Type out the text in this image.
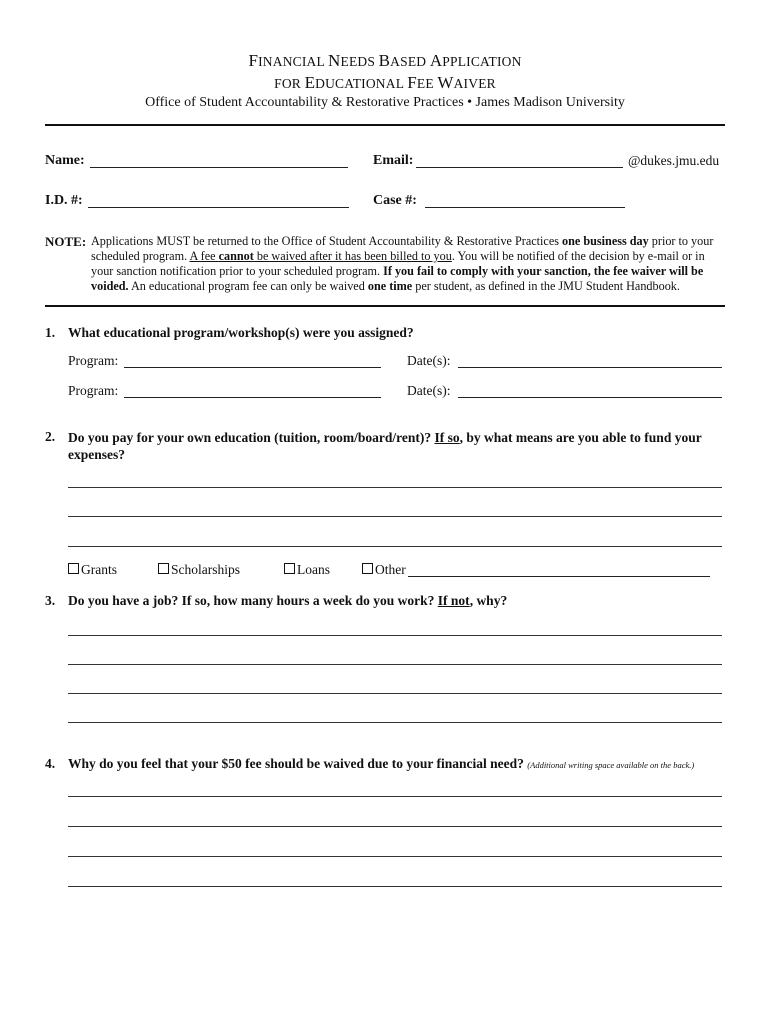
FINANCIAL NEEDS BASED APPLICATION
FOR EDUCATIONAL FEE WAIVER
Office of Student Accountability & Restorative Practices • James Madison University
Name:	Email:	@dukes.jmu.edu
I.D. #:	Case #:
NOTE: Applications MUST be returned to the Office of Student Accountability & Restorative Practices one business day prior to your scheduled program. A fee cannot be waived after it has been billed to you. You will be notified of the decision by e-mail or in your sanction notification prior to your scheduled program. If you fail to comply with your sanction, the fee waiver will be voided. An educational program fee can only be waived one time per student, as defined in the JMU Student Handbook.
1. What educational program/workshop(s) were you assigned?
Program:	Date(s):
Program:	Date(s):
2. Do you pay for your own education (tuition, room/board/rent)? If so, by what means are you able to fund your expenses?
Grants	Scholarships	Loans	Other
3. Do you have a job? If so, how many hours a week do you work? If not, why?
4. Why do you feel that your $50 fee should be waived due to your financial need? (Additional writing space available on the back.)
